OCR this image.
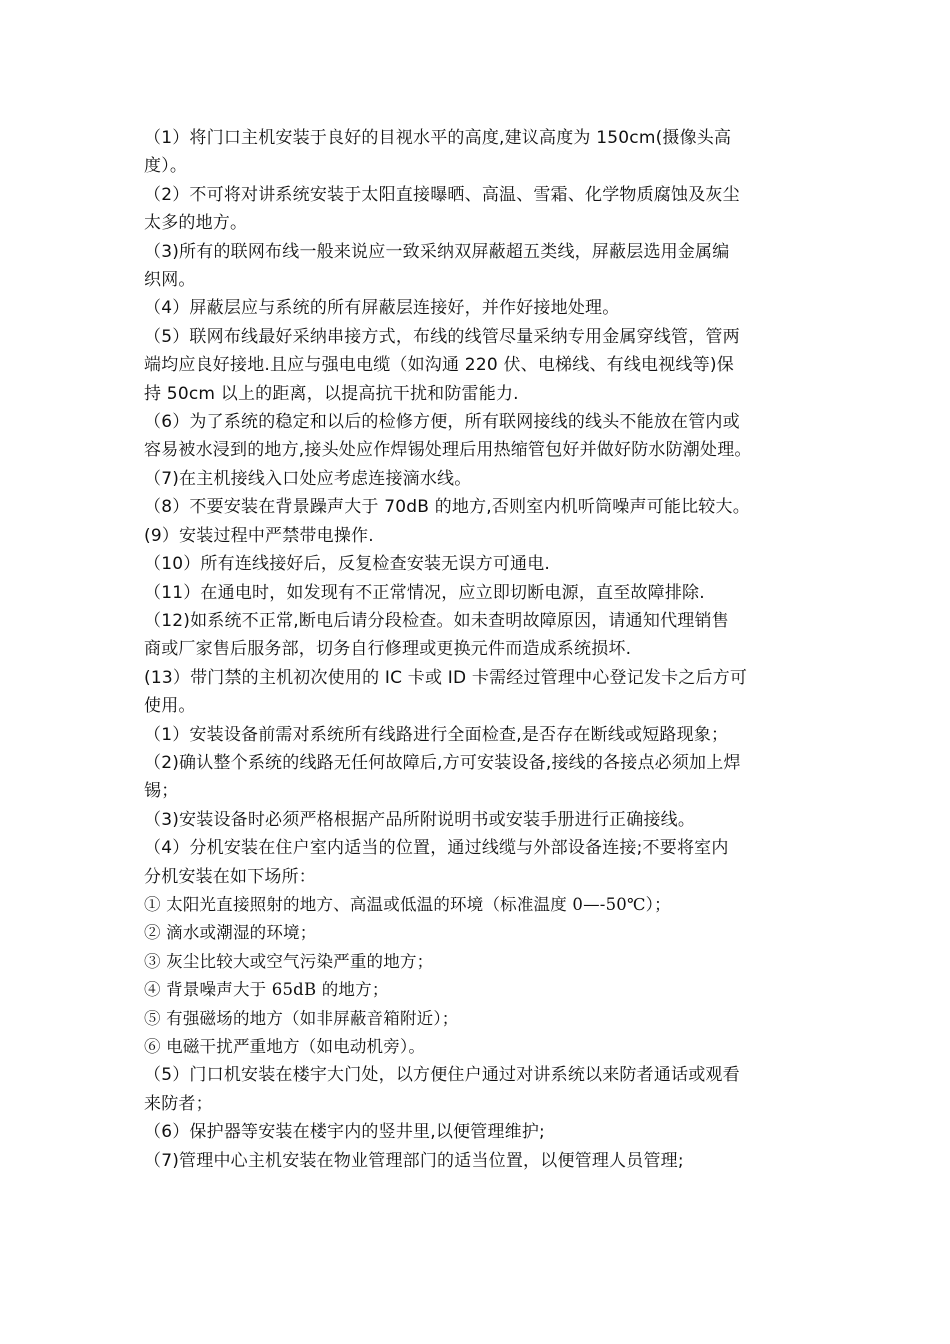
（1）将门口主机安装于良好的目视水平的高度,建议高度为 150cm(摄像头高
度）。
（2）不可将对讲系统安装于太阳直接曝晒、高温、雪霜、化学物质腐蚀及灰尘
太多的地方。
（3)所有的联网布线一般来说应一致采纳双屏蔽超五类线，屏蔽层选用金属编
织网。
（4）屏蔽层应与系统的所有屏蔽层连接好，并作好接地处理。
（5）联网布线最好采纳串接方式，布线的线管尽量采纳专用金属穿线管，管两
端均应良好接地.且应与强电电缆（如沟通 220 伏、电梯线、有线电视线等)保
持 50cm 以上的距离，以提高抗干扰和防雷能力.
（6）为了系统的稳定和以后的检修方便，所有联网接线的线头不能放在管内或
容易被水浸到的地方,接头处应作焊锡处理后用热缩管包好并做好防水防潮处理。
（7)在主机接线入口处应考虑连接滴水线。
（8）不要安装在背景躁声大于 70dB 的地方,否则室内机听筒噪声可能比较大。
(9）安装过程中严禁带电操作.
（10）所有连线接好后，反复检查安装无误方可通电.
（11）在通电时，如发现有不正常情况，应立即切断电源，直至故障排除.
（12)如系统不正常,断电后请分段检查。如未查明故障原因，请通知代理销售
商或厂家售后服务部，切务自行修理或更换元件而造成系统损坏.
(13）带门禁的主机初次使用的 IC 卡或 ID 卡需经过管理中心登记发卡之后方可
使用。
（1）安装设备前需对系统所有线路进行全面检查,是否存在断线或短路现象；
（2)确认整个系统的线路无任何故障后,方可安装设备,接线的各接点必须加上焊
锡；
（3)安装设备时必须严格根据产品所附说明书或安装手册进行正确接线。
（4）分机安装在住户室内适当的位置，通过线缆与外部设备连接;不要将室内
分机安装在如下场所：
① 太阳光直接照射的地方、高温或低温的环境（标准温度 0—-50℃）；
② 滴水或潮湿的环境；
③ 灰尘比较大或空气污染严重的地方；
④ 背景噪声大于 65dB 的地方；
⑤ 有强磁场的地方（如非屏蔽音箱附近）；
⑥ 电磁干扰严重地方（如电动机旁）。
（5）门口机安装在楼宇大门处，以方便住户通过对讲系统以来防者通话或观看
来防者；
（6）保护器等安装在楼宇内的竖井里,以便管理维护;
（7)管理中心主机安装在物业管理部门的适当位置，以便管理人员管理;
